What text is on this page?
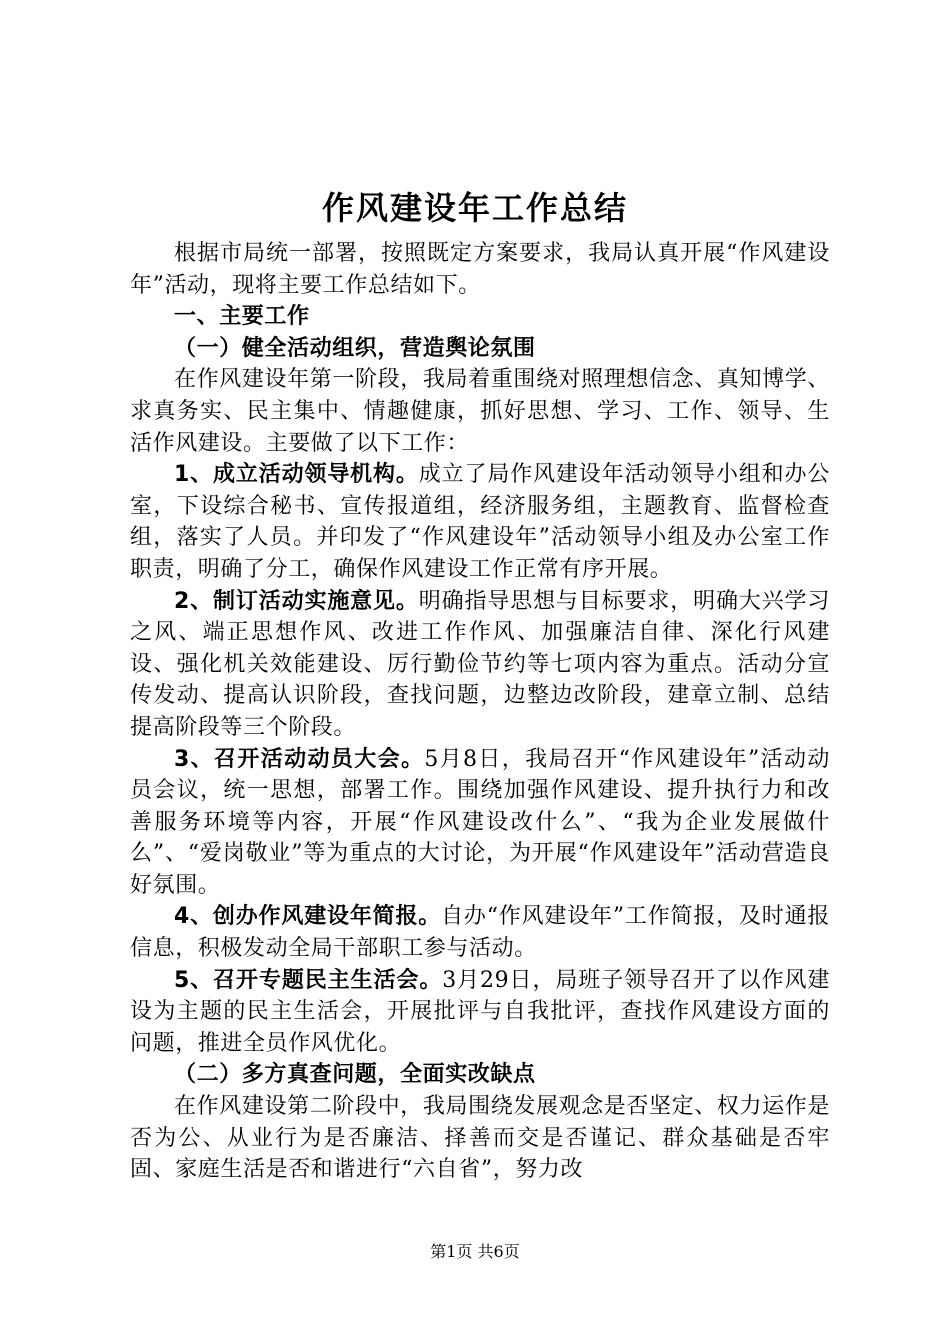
作风建设年工作总结

根据市局统一部署，按照既定方案要求，我局认真开展“作风建设年”活动，现将主要工作总结如下。

一、主要工作

（一）健全活动组织，营造舆论氛围

在作风建设年第一阶段，我局着重围绕对照理想信念、真知博学、求真务实、民主集中、情趣健康，抓好思想、学习、工作、领导、生活作风建设。主要做了以下工作：

1、成立活动领导机构。成立了局作风建设年活动领导小组和办公室，下设综合秘书、宣传报道组，经济服务组，主题教育、监督检查组，落实了人员。并印发了“作风建设年”活动领导小组及办公室工作职责，明确了分工，确保作风建设工作正常有序开展。

2、制订活动实施意见。明确指导思想与目标要求，明确大兴学习之风、端正思想作风、改进工作作风、加强廉洁自律、深化行风建设、强化机关效能建设、厉行勤俭节约等七项内容为重点。活动分宣传发动、提高认识阶段，查找问题，边整边改阶段，建章立制、总结提高阶段等三个阶段。

3、召开活动动员大会。5月8日，我局召开“作风建设年”活动动员会议，统一思想，部署工作。围绕加强作风建设、提升执行力和改善服务环境等内容，开展“作风建设改什么”、“我为企业发展做什么”、“爱岗敬业”等为重点的大讨论，为开展“作风建设年”活动营造良好氛围。

4、创办作风建设年简报。自办“作风建设年”工作简报，及时通报信息，积极发动全局干部职工参与活动。

5、召开专题民主生活会。3月29日，局班子领导召开了以作风建设为主题的民主生活会，开展批评与自我批评，查找作风建设方面的问题，推进全员作风优化。

（二）多方真查问题，全面实改缺点

在作风建设第二阶段中，我局围绕发展观念是否坚定、权力运作是否为公、从业行为是否廉洁、择善而交是否谨记、群众基础是否牢固、家庭生活是否和谐进行“六自省”，努力改

第1页 共6页
